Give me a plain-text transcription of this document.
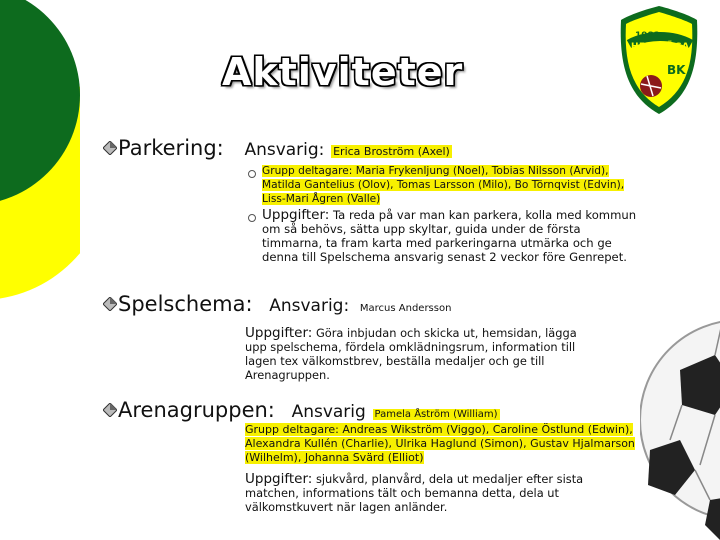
1982
HERTZÖGA
BK
Aktiviteter
Parkering: Ansvarig: Erica Broström (Axel)
Grupp deltagare: Maria Frykenljung (Noel), Tobias Nilsson (Arvid), Matilda Gantelius (Olov), Tomas Larsson (Milo), Bo Törnqvist (Edvin), Liss-Mari Ågren (Valle)
Uppgifter: Ta reda på var man kan parkera, kolla med kommun om så behövs, sätta upp skyltar, guida under de första timmarna, ta fram karta med parkeringarna utmärka och ge denna till Spelschema ansvarig senast 2 veckor före Genrepet.
Spelschema: Ansvarig: Marcus Andersson
Uppgifter: Göra inbjudan och skicka ut, hemsidan, lägga upp spelschema, fördela omklädningsrum, information till lagen tex välkomstbrev, beställa medaljer och ge till Arenagruppen.
Arenagruppen: Ansvarig Pamela Åström (William)
Grupp deltagare: Andreas Wikström (Viggo), Caroline Östlund (Edwin), Alexandra Kullén (Charlie), Ulrika Haglund (Simon), Gustav Hjalmarson (Wilhelm), Johanna Svärd (Elliot)
Uppgifter: sjukvård, planvård, dela ut medaljer efter sista matchen, informations tält och bemanna detta, dela ut välkomstkuvert när lagen anländer.
